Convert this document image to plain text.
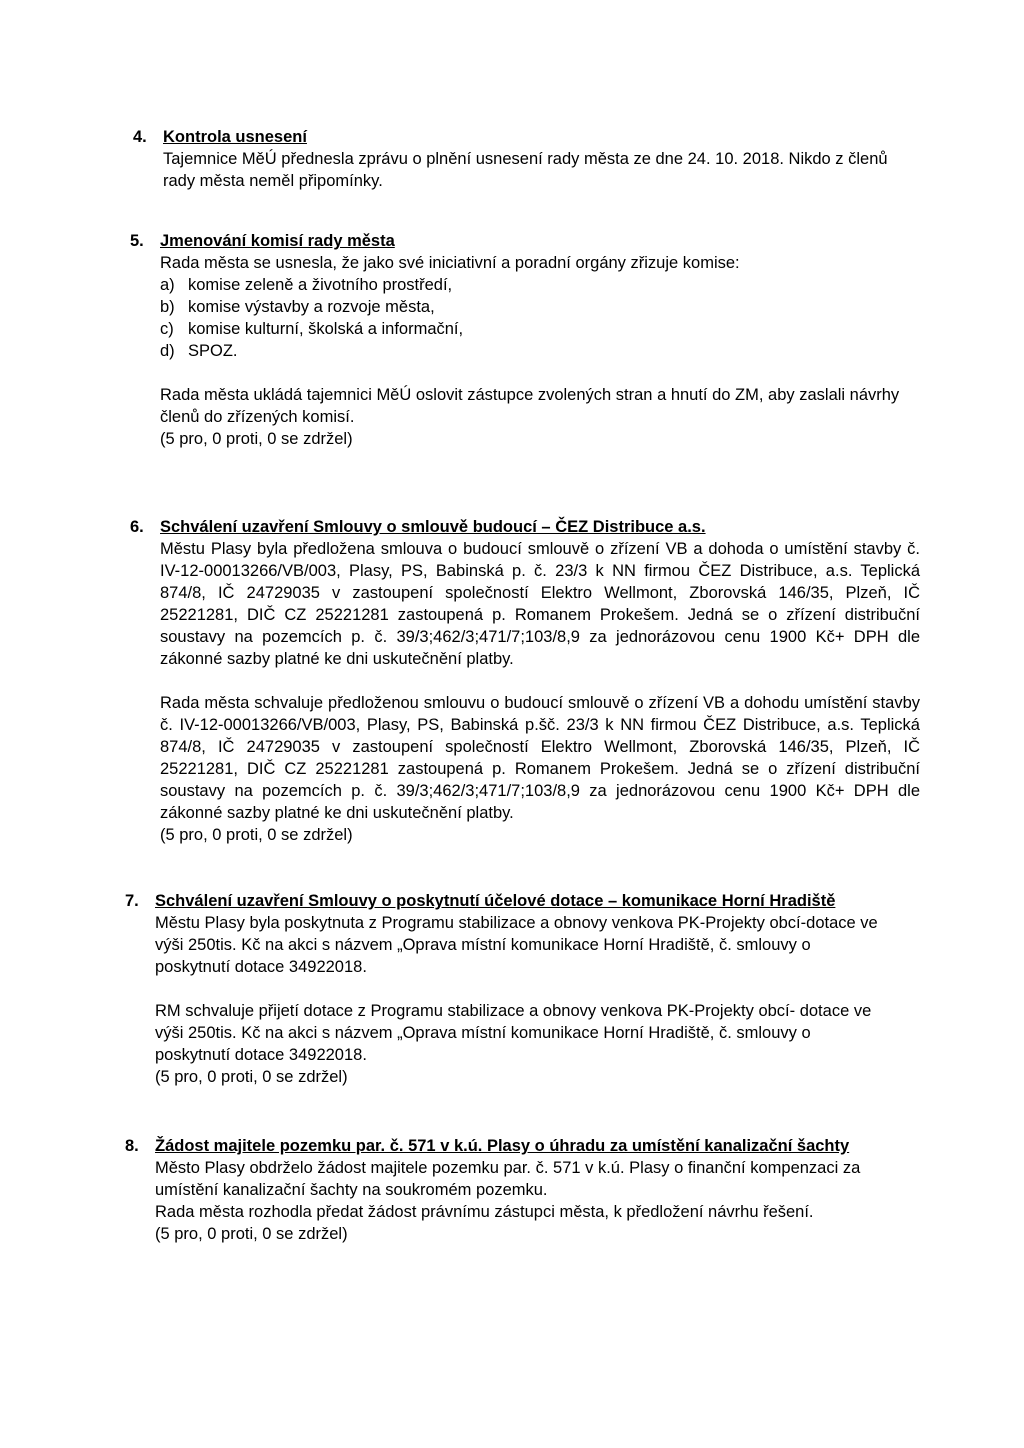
4. Kontrola usnesení
Tajemnice MěÚ přednesla zprávu o plnění usnesení rady města ze dne 24. 10. 2018. Nikdo z členů rady města neměl připomínky.
5. Jmenování komisí rady města
Rada města se usnesla, že jako své iniciativní a poradní orgány zřizuje komise:
a) komise zeleně a životního prostředí,
b) komise výstavby a rozvoje města,
c) komise kulturní, školská a informační,
d) SPOZ.
Rada města ukládá tajemnici MěÚ oslovit zástupce zvolených stran a hnutí do ZM, aby zaslali návrhy členů do zřízených komisí.
(5 pro, 0 proti, 0 se zdržel)
6. Schválení uzavření Smlouvy o smlouvě budoucí – ČEZ Distribuce a.s.
Městu Plasy byla předložena smlouva o budoucí smlouvě o zřízení VB a dohoda o umístění stavby č. IV-12-00013266/VB/003, Plasy, PS, Babinská p. č. 23/3 k NN firmou ČEZ Distribuce, a.s. Teplická 874/8, IČ 24729035 v zastoupení společností Elektro Wellmont, Zborovská 146/35, Plzeň, IČ 25221281, DIČ CZ 25221281 zastoupená p. Romanem Prokešem. Jedná se o zřízení distribuční soustavy na pozemcích p. č. 39/3;462/3;471/7;103/8,9 za jednorázovou cenu 1900 Kč+ DPH dle zákonné sazby platné ke dni uskutečnění platby.
Rada města schvaluje předloženou smlouvu o budoucí smlouvě o zřízení VB a dohodu umístění stavby č. IV-12-00013266/VB/003, Plasy, PS, Babinská p.šč. 23/3 k NN firmou ČEZ Distribuce, a.s. Teplická 874/8, IČ 24729035 v zastoupení společností Elektro Wellmont, Zborovská 146/35, Plzeň, IČ 25221281, DIČ CZ 25221281 zastoupená p. Romanem Prokešem. Jedná se o zřízení distribuční soustavy na pozemcích p. č. 39/3;462/3;471/7;103/8,9 za jednorázovou cenu 1900 Kč+ DPH dle zákonné sazby platné ke dni uskutečnění platby.
(5 pro, 0 proti, 0 se zdržel)
7. Schválení uzavření Smlouvy o poskytnutí účelové dotace – komunikace Horní Hradiště
Městu Plasy byla poskytnuta z Programu stabilizace a obnovy venkova PK-Projekty obcí-dotace ve výši 250tis. Kč na akci s názvem „Oprava místní komunikace Horní Hradiště, č. smlouvy o poskytnutí dotace 34922018.
RM schvaluje přijetí dotace z Programu stabilizace a obnovy venkova PK-Projekty obcí- dotace ve výši 250tis. Kč na akci s názvem „Oprava místní komunikace Horní Hradiště, č. smlouvy o poskytnutí dotace 34922018.
(5 pro, 0 proti, 0 se zdržel)
8. Žádost majitele pozemku par. č. 571 v k.ú. Plasy o úhradu za umístění kanalizační šachty
Město Plasy obdrželo žádost majitele pozemku par. č. 571 v k.ú. Plasy o finanční kompenzaci za umístění kanalizační šachty na soukromém pozemku.
Rada města rozhodla předat žádost právnímu zástupci města, k předložení návrhu řešení.
(5 pro, 0 proti, 0 se zdržel)
